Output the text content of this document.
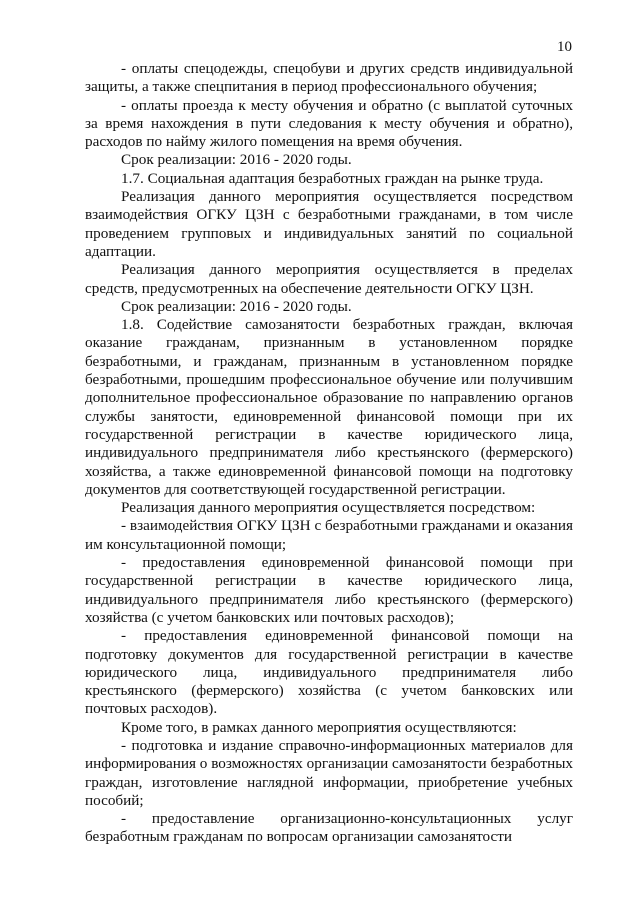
10

- оплаты спецодежды, спецобуви и других средств индивидуальной защиты, а также спецпитания в период профессионального обучения;

- оплаты проезда к месту обучения и обратно (с выплатой суточных за время нахождения в пути следования к месту обучения и обратно), расходов по найму жилого помещения на время обучения.

Срок реализации: 2016 - 2020 годы.

1.7. Социальная адаптация безработных граждан на рынке труда.

Реализация данного мероприятия осуществляется посредством взаимодействия ОГКУ ЦЗН с безработными гражданами, в том числе проведением групповых и индивидуальных занятий по социальной адаптации.

Реализация данного мероприятия осуществляется в пределах средств, предусмотренных на обеспечение деятельности ОГКУ ЦЗН.

Срок реализации: 2016 - 2020 годы.

1.8. Содействие самозанятости безработных граждан, включая оказание гражданам, признанным в установленном порядке безработными, и гражданам, признанным в установленном порядке безработными, прошедшим профессиональное обучение или получившим дополнительное профессиональное образование по направлению органов службы занятости, единовременной финансовой помощи при их государственной регистрации в качестве юридического лица, индивидуального предпринимателя либо крестьянского (фермерского) хозяйства, а также единовременной финансовой помощи на подготовку документов для соответствующей государственной регистрации.

Реализация данного мероприятия осуществляется посредством:

- взаимодействия ОГКУ ЦЗН с безработными гражданами и оказания им консультационной помощи;

- предоставления единовременной финансовой помощи при государственной регистрации в качестве юридического лица, индивидуального предпринимателя либо крестьянского (фермерского) хозяйства (с учетом банковских или почтовых расходов);

- предоставления единовременной финансовой помощи на подготовку документов для государственной регистрации в качестве юридического лица, индивидуального предпринимателя либо крестьянского (фермерского) хозяйства (с учетом банковских или почтовых расходов).

Кроме того, в рамках данного мероприятия осуществляются:

- подготовка и издание справочно-информационных материалов для информирования о возможностях организации самозанятости безработных граждан, изготовление наглядной информации, приобретение учебных пособий;

- предоставление организационно-консультационных услуг безработным гражданам по вопросам организации самозанятости
